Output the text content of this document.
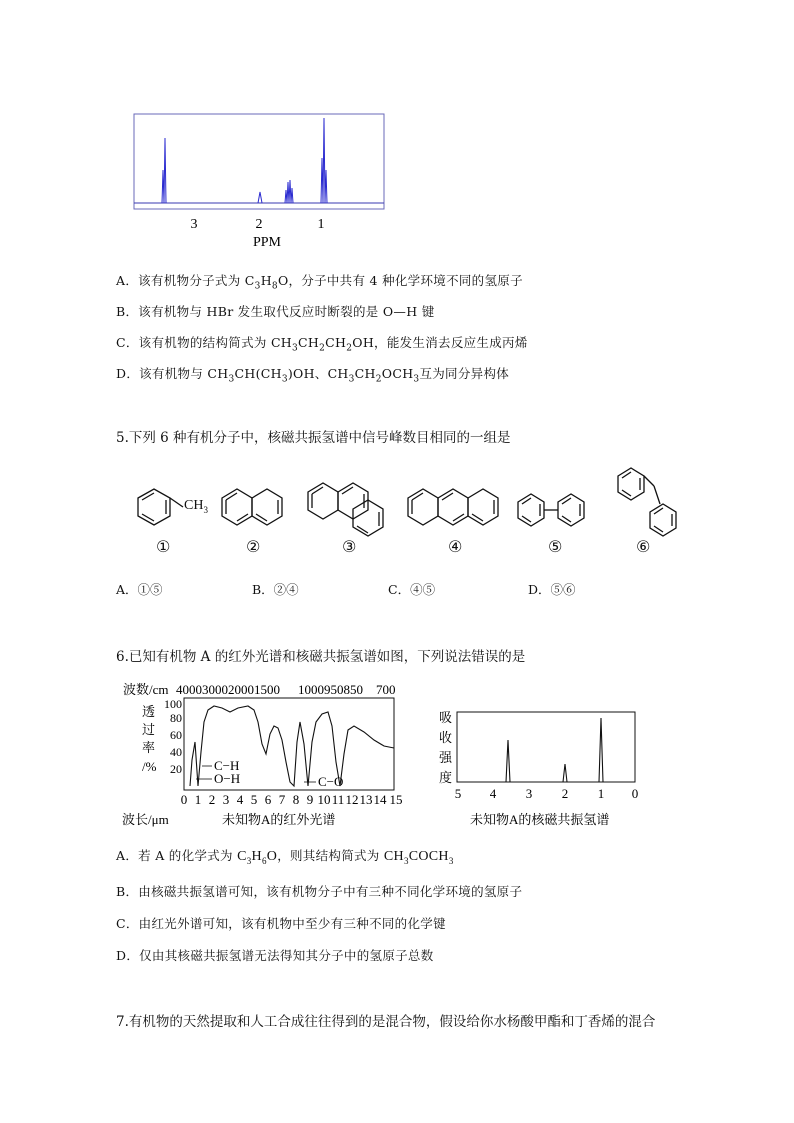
3	2	1
PPM
A．该有机物分子式为 $C_3H_8O$，分子中共有 4 种化学环境不同的氢原子
B．该有机物与 HBr 发生取代反应时断裂的是 O—H 键
C．该有机物的结构简式为 $CH_3CH_2CH_2OH$，能发生消去反应生成丙烯
D．该有机物与 $CH_3CH(CH_3)OH$、$CH_3CH_2OCH_3$互为同分异构体
5.下列 6 种有机分子中，核磁共振氢谱中信号峰数目相同的一组是
$CH_3$
①	②	③	④	⑤	⑥
A．①⑤	B．②④	C．④⑤	D．⑤⑥
6.已知有机物 A 的红外光谱和核磁共振氢谱如图，下列说法错误的是
波数/cm 4000300020001500 1000950850 700
透
过
率
/%
100
80
60
40
20 C−H
O−H	C−O
0 1 2 3 4 5 6 7 8 9 10 11 12 13 14 15
波长/μm	未知物A的红外光谱
吸
收
强
度
5 4 3 2 1 0
未知物A的核磁共振氢谱
A．若 A 的化学式为 $C_3H_6O$，则其结构简式为 $CH_3COCH_3$
B．由核磁共振氢谱可知，该有机物分子中有三种不同化学环境的氢原子
C．由红光外谱可知，该有机物中至少有三种不同的化学键
D．仅由其核磁共振氢谱无法得知其分子中的氢原子总数
7.有机物的天然提取和人工合成往往得到的是混合物，假设给你水杨酸甲酯和丁香烯的混合
